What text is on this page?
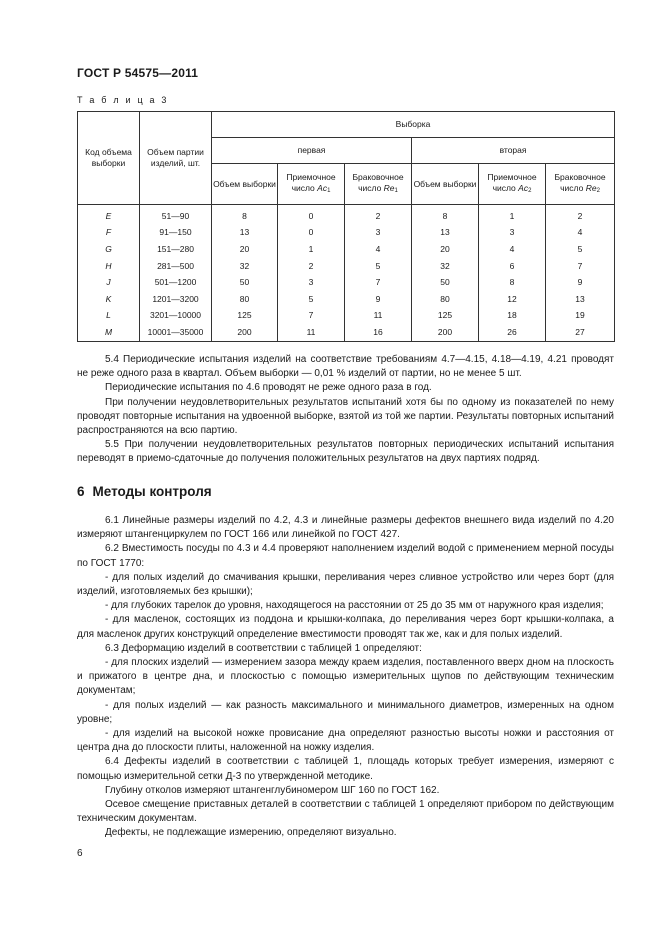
ГОСТ Р 54575—2011
Т а б л и ц а 3
Код объема выборки	Объем партии изделий, шт.	Выборка					
		первая			вторая		
		Объем выборки	Приемочное число Ac1	Браковочное число Re1	Объем выборки	Приемочное число Ac2	Браковочное число Re2
E	51—90	8	0	2	8	1	2
F	91—150	13	0	3	13	3	4
G	151—280	20	1	4	20	4	5
H	281—500	32	2	5	32	6	7
J	501—1200	50	3	7	50	8	9
K	1201—3200	80	5	9	80	12	13
L	3201—10000	125	7	11	125	18	19
M	10001—35000	200	11	16	200	26	27

5.4 Периодические испытания изделий на соответствие требованиям 4.7—4.15, 4.18—4.19, 4.21 проводят не реже одного раза в квартал. Объем выборки — 0,01 % изделий от партии, но не менее 5 шт.

Периодические испытания по 4.6 проводят не реже одного раза в год.

При получении неудовлетворительных результатов испытаний хотя бы по одному из показателей по нему проводят повторные испытания на удвоенной выборке, взятой из той же партии. Результаты повторных испытаний распространяются на всю партию.

5.5 При получении неудовлетворительных результатов повторных периодических испытаний испытания переводят в приемо-сдаточные до получения положительных результатов на двух партиях подряд.

6 Методы контроля

6.1 Линейные размеры изделий по 4.2, 4.3 и линейные размеры дефектов внешнего вида изделий по 4.20 измеряют штангенциркулем по ГОСТ 166 или линейкой по ГОСТ 427.

6.2 Вместимость посуды по 4.3 и 4.4 проверяют наполнением изделий водой с применением мерной посуды по ГОСТ 1770:

- для полых изделий до смачивания крышки, переливания через сливное устройство или через борт (для изделий, изготовляемых без крышки);

- для глубоких тарелок до уровня, находящегося на расстоянии от 25 до 35 мм от наружного края изделия;

- для масленок, состоящих из поддона и крышки-колпака, до переливания через борт крышки-колпака, а для масленок других конструкций определение вместимости проводят так же, как и для полых изделий.

6.3 Деформацию изделий в соответствии с таблицей 1 определяют:

- для плоских изделий — измерением зазора между краем изделия, поставленного вверх дном на плоскость и прижатого в центре дна, и плоскостью с помощью измерительных щупов по действующим техническим документам;

- для полых изделий — как разность максимального и минимального диаметров, измеренных на одном уровне;

- для изделий на высокой ножке провисание дна определяют разностью высоты ножки и расстояния от центра дна до плоскости плиты, наложенной на ножку изделия.

6.4 Дефекты изделий в соответствии с таблицей 1, площадь которых требует измерения, измеряют с помощью измерительной сетки Д-3 по утвержденной методике.

Глубину отколов измеряют штангенглубиномером ШГ 160 по ГОСТ 162.

Осевое смещение приставных деталей в соответствии с таблицей 1 определяют прибором по действующим техническим документам.

Дефекты, не подлежащие измерению, определяют визуально.

6
